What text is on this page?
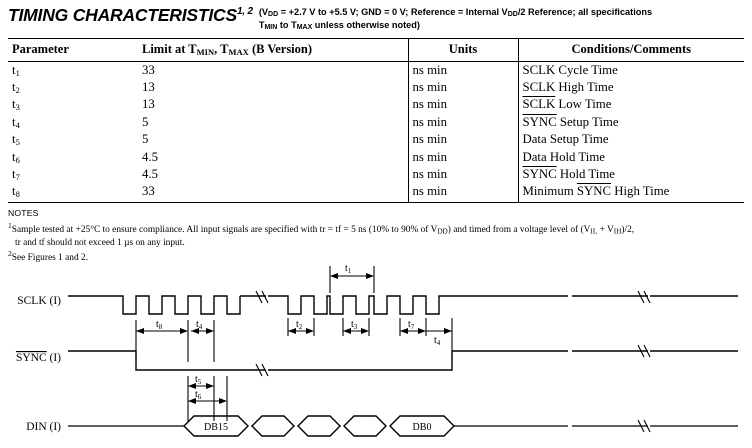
TIMING CHARACTERISTICS$^{1, 2}$ (VDD = +2.7 V to +5.5 V; GND = 0 V; Reference = Internal VDD/2 Reference; all specifications
TMIN to TMAX unless otherwise noted)
Parameter	Limit at $T_{MIN}$, $T_{MAX}$ (B Version)	Units	Conditions/Comments
$t_1$	33	ns min	SCLK Cycle Time
$t_2$	13	ns min	SCLK High Time
$t_3$	13	ns min	SCLK Low Time
$t_4$	5	ns min	SYNC Setup Time
$t_5$	5	ns min	Data Setup Time
$t_6$	4.5	ns min	Data Hold Time
$t_7$	4.5	ns min	SYNC Hold Time
$t_8$	33	ns min	Minimum SYNC High Time

NOTES
$^1$Sample tested at +25°C to ensure compliance. All input signals are specified with tr = tf = 5 ns (10% to 90% of $V_{DD}$) and timed from a voltage level of $(V_{IL} + V_{IH})/2$,
tr and tf should not exceed 1 µs on any input.
$^2$See Figures 1 and 2.
$t_1$
SCLK (I)
$t_8$	$t_4$	$t_2$	$t_3$	$t_7$
$t_4$
SYNC (I)
$t_5$
$t_6$
DIN (I)	DB15	DB0
